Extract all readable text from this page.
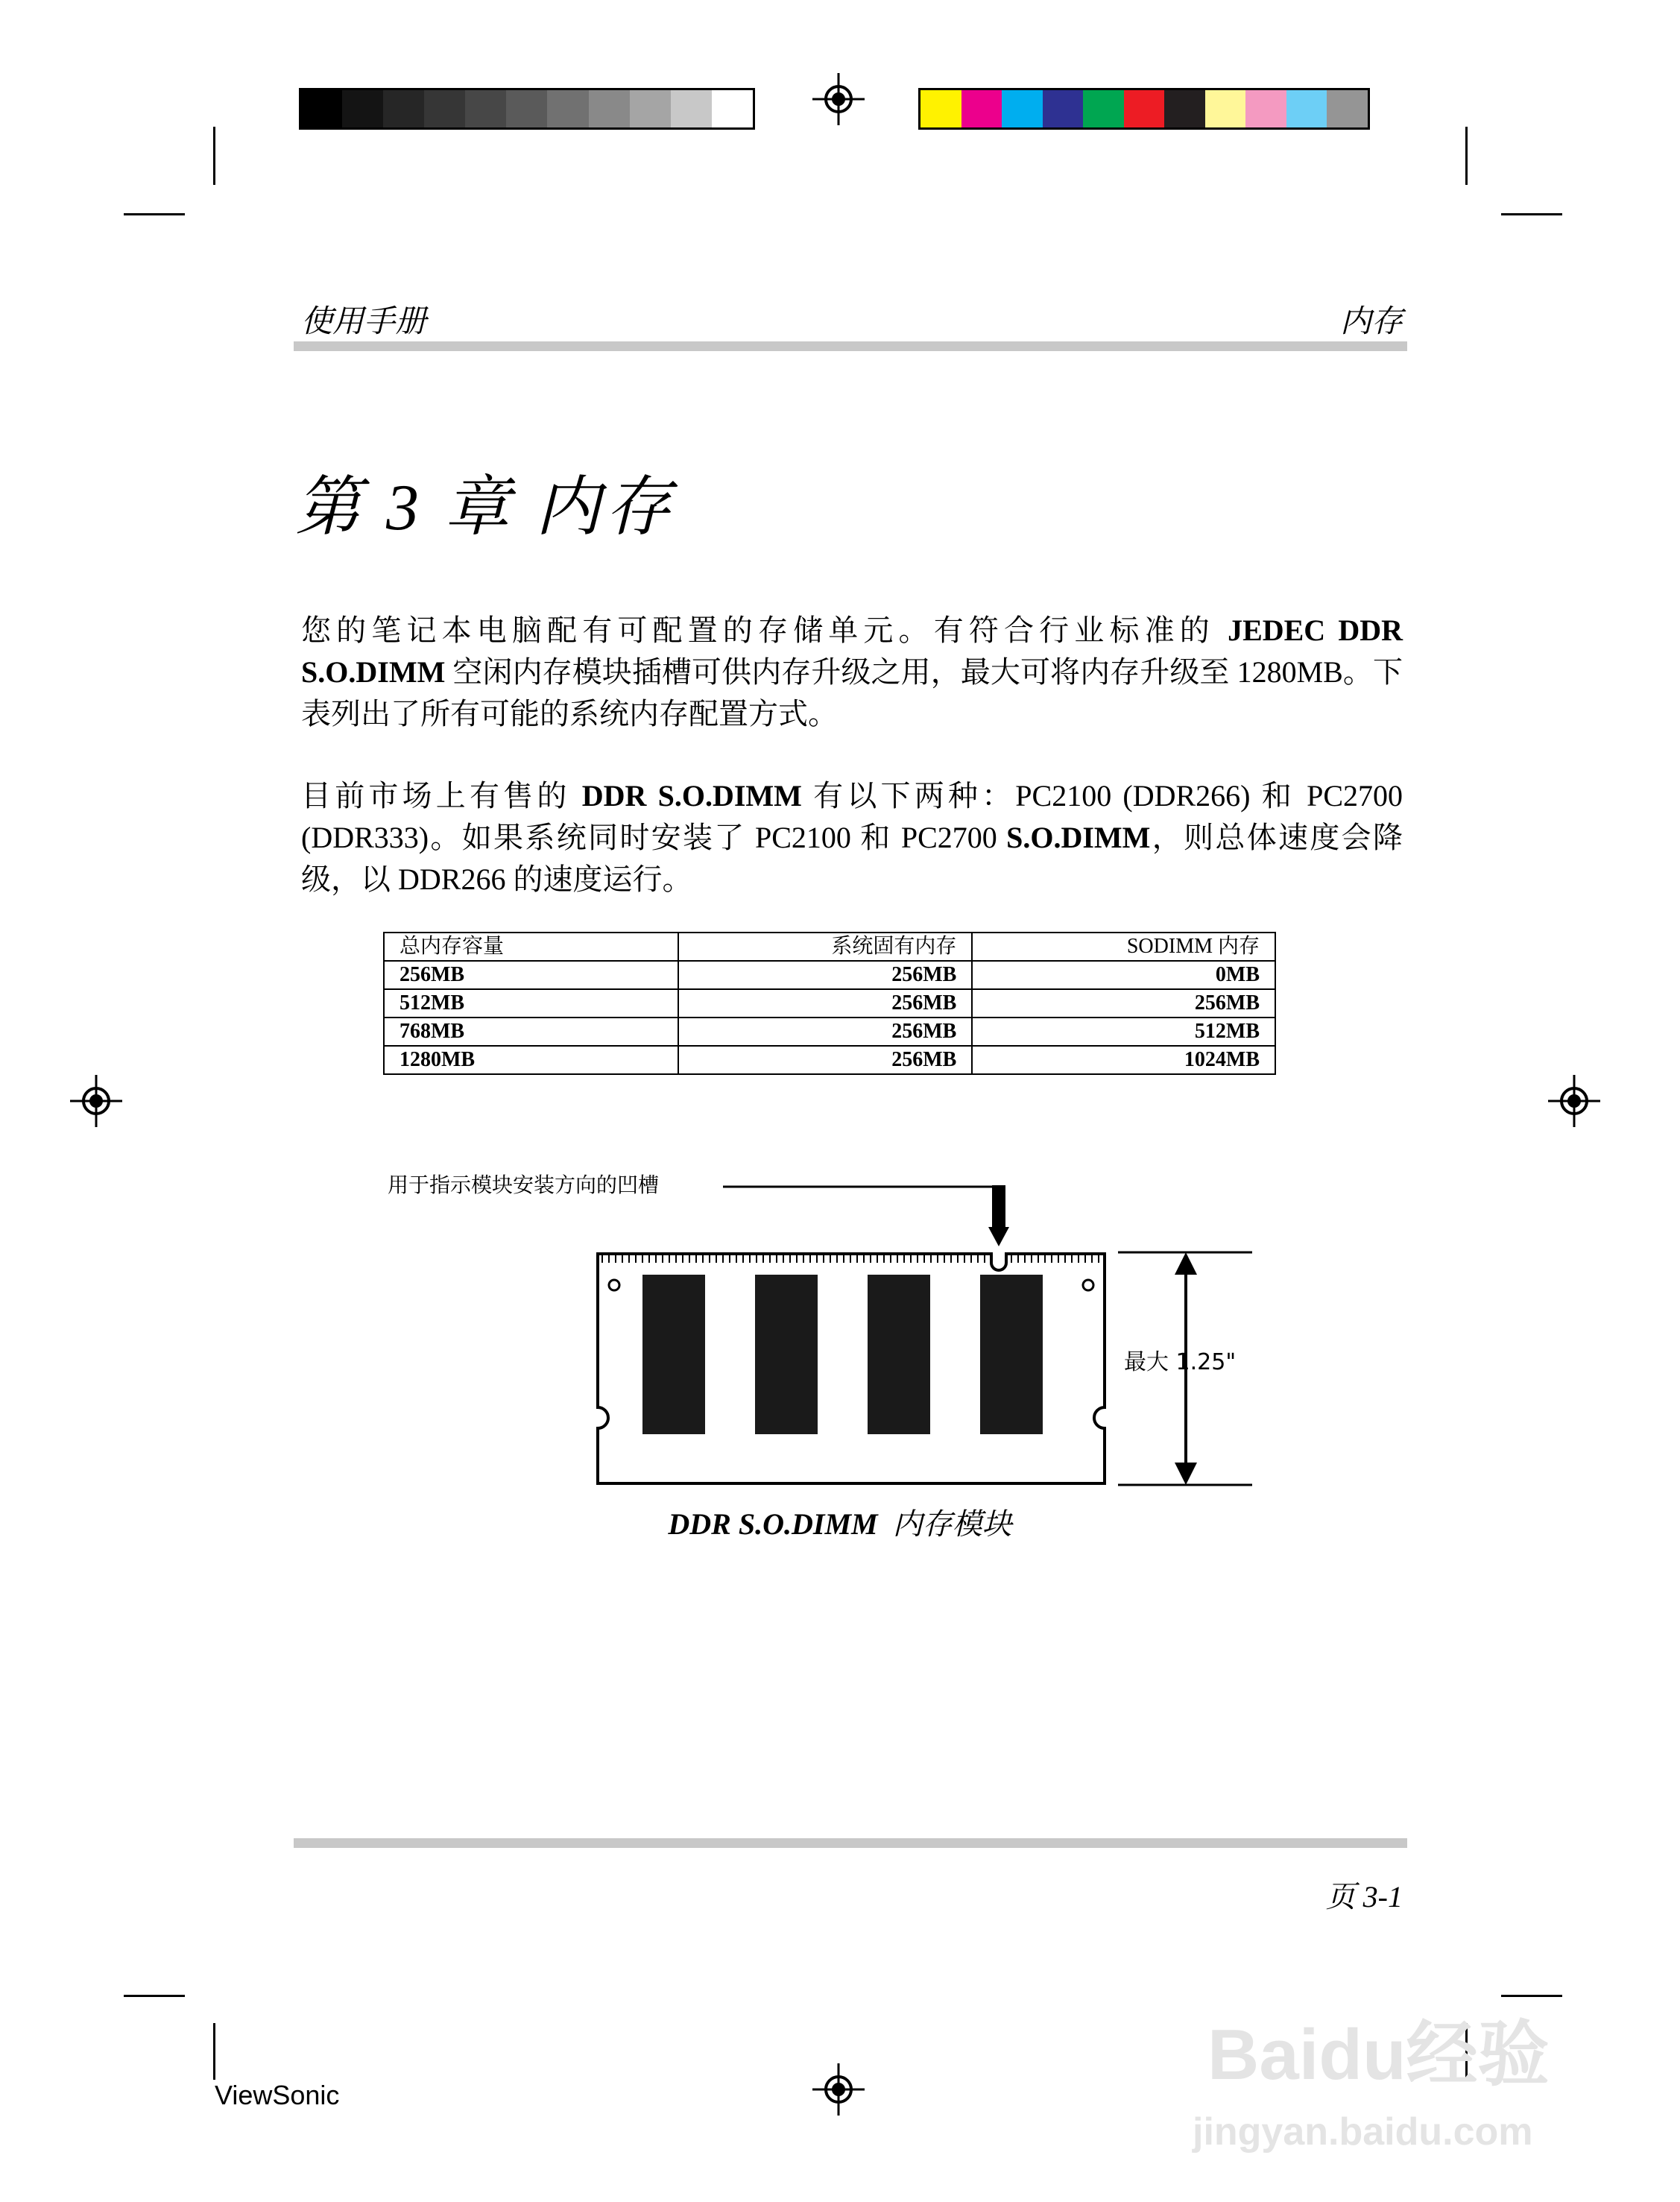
使用手册	内存
第 3 章 内存
您的笔记本电脑配有可配置的存储单元。有符合行业标准的 JEDEC DDR S.O.DIMM 空闲内存模块插槽可供内存升级之用，最大可将内存升级至 1280MB。下表列出了所有可能的系统内存配置方式。
目前市场上有售的 DDR S.O.DIMM 有以下两种：PC2100 (DDR266) 和 PC2700 (DDR333)。如果系统同时安装了 PC2100 和 PC2700 S.O.DIMM，则总体速度会降级，以 DDR266 的速度运行。
总内存容量	系统固有内存	SODIMM 内存
256MB	256MB	0MB
512MB	256MB	256MB
768MB	256MB	512MB
1280MB	256MB	1024MB
用于指示模块安装方向的凹槽
最大 1.25"
DDR S.O.DIMM 内存模块
页 3-1
ViewSonic
Baidu经验
jingyan.baidu.com
